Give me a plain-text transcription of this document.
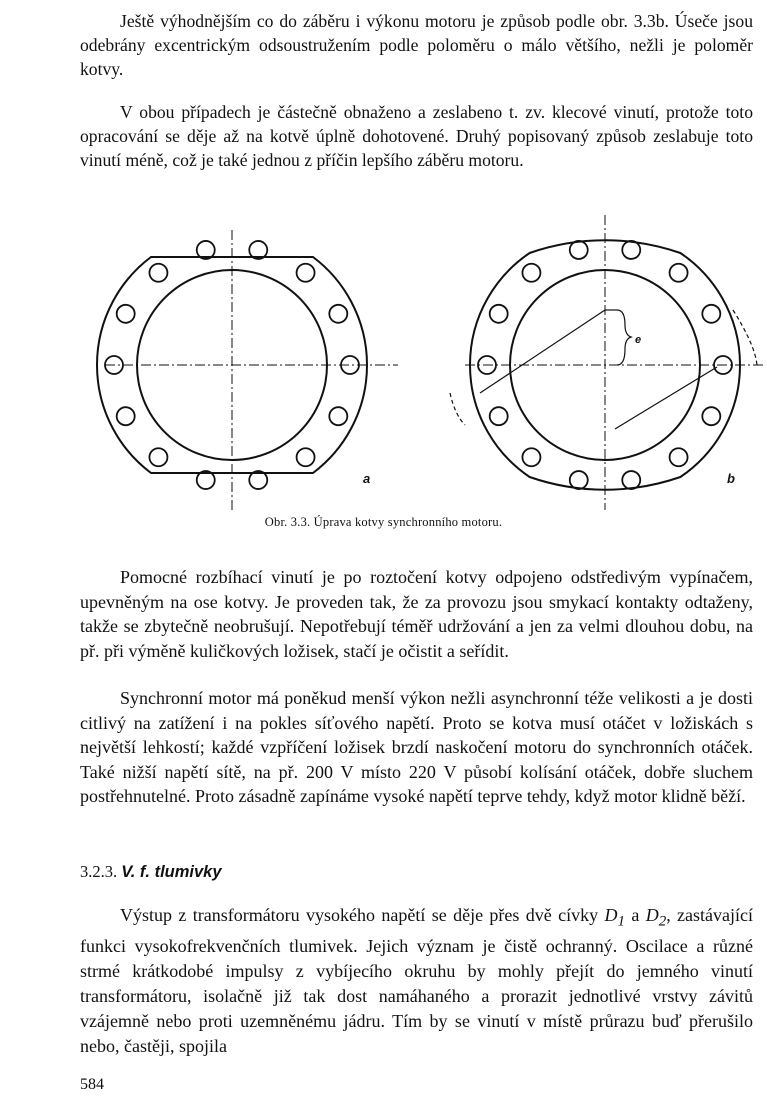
Ještě výhodnějším co do záběru i výkonu motoru je způsob podle obr. 3.3b. Úseče jsou odebrány excentrickým odsoustružením podle poloměru o málo většího, nežli je poloměr kotvy.

V obou případech je částečně obnaženo a zeslabeno t. zv. klecové vinutí, protože toto opracování se děje až na kotvě úplně dohotovené. Druhý popisovaný způsob zeslabuje toto vinutí méně, což je také jednou z příčin lepšího záběru motoru.

a
e
b
Obr. 3.3. Úprava kotvy synchronního motoru.

Pomocné rozbíhací vinutí je po roztočení kotvy odpojeno odstředivým vypínačem, upevněným na ose kotvy. Je proveden tak, že za provozu jsou smykací kontakty odtaženy, takže se zbytečně neobrušují. Nepotřebují téměř udržování a jen za velmi dlouhou dobu, na př. při výměně kuličkových ložisek, stačí je očistit a seřídit.

Synchronní motor má poněkud menší výkon nežli asynchronní téže velikosti a je dosti citlivý na zatížení i na pokles síťového napětí. Proto se kotva musí otáčet v ložiskách s největší lehkostí; každé vzpříčení ložisek brzdí naskočení motoru do synchronních otáček. Také nižší napětí sítě, na př. 200 V místo 220 V působí kolísání otáček, dobře sluchem postřehnutelné. Proto zásadně zapínáme vysoké napětí teprve tehdy, když motor klidně běží.

3.2.3. V. f. tlumivky

Výstup z transformátoru vysokého napětí se děje přes dvě cívky $D_1$ a $D_2$, zastávající funkci vysokofrekvenčních tlumivek. Jejich význam je čistě ochranný. Oscilace a různé strmé krátkodobé impulsy z vybíjecího okruhu by mohly přejít do jemného vinutí transformátoru, isolačně již tak dost namáhaného a prorazit jednotlivé vrstvy závitů vzájemně nebo proti uzemněnému jádru. Tím by se vinutí v místě průrazu buď přerušilo nebo, častěji, spojila

584
